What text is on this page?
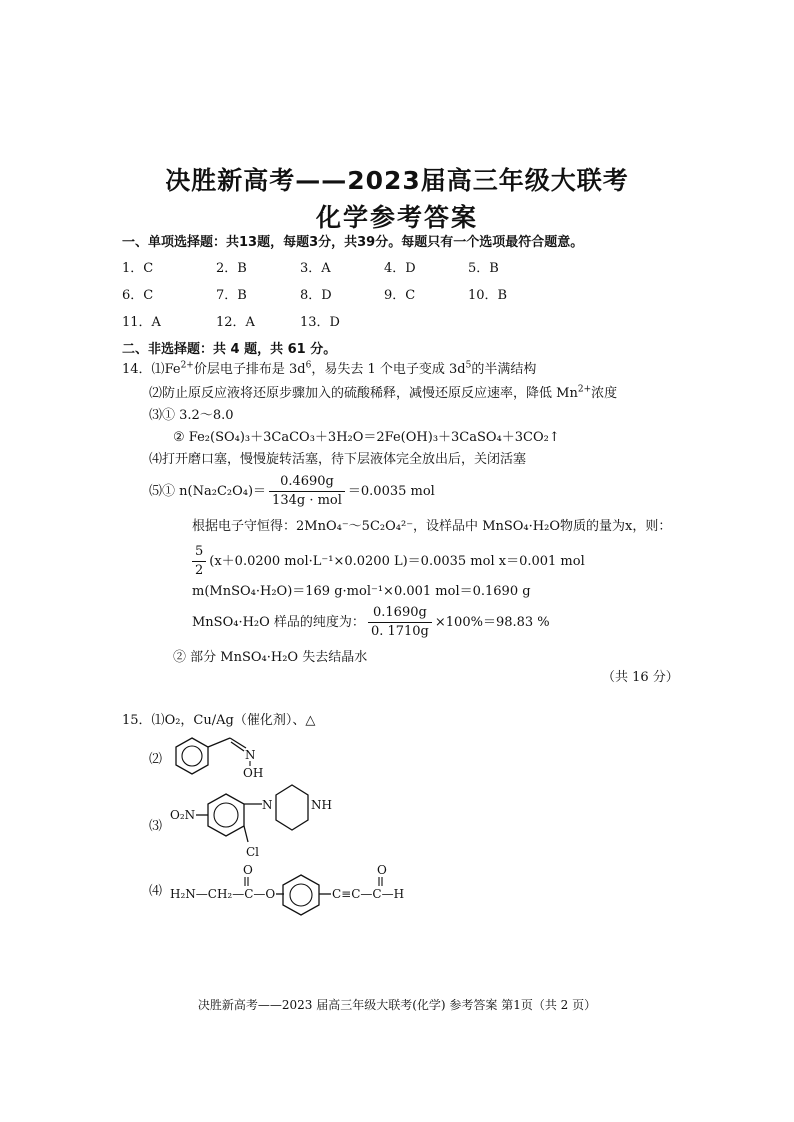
决胜新高考——2023届高三年级大联考
化学参考答案
一、单项选择题：共13题，每题3分，共39分。每题只有一个选项最符合题意。
1．C	2．B	3．A	4．D	5．B
6．C	7．B	8．D	9．C	10．B
11．A	12．A	13．D
二、非选择题：共 4 题，共 61 分。
14．$⑴Fe^{2+}$价层电子排布是 $3d^6$，易失去 1 个电子变成 $3d^5$的半满结构
⑵防止原反应液将还原步骤加入的硫酸稀释，减慢还原反应速率，降低 $Mn^{2+}$浓度
⑶① 3.2～8.0
② Fe₂(SO₄)₃＋3CaCO₃＋3H₂O＝2Fe(OH)₃＋3CaSO₄＋3CO₂↑
⑷打开磨口塞，慢慢旋转活塞，待下层液体完全放出后，关闭活塞
⑸① $n(Na_2C_2O_4)= \frac{0.4690g}{\text{134g · mol}} =0.0035$ mol
根据电子守恒得：2MnO₄⁻～5C₂O₄²⁻，设样品中 MnSO₄·H₂O物质的量为x，则：
$\frac{5}{2} (x+0.0200$ mol·L⁻¹×0.0200 L)＝0.0035 mol x＝0.001 mol
m(MnSO₄·H₂O)＝169 g·mol⁻¹×0.001 mol＝0.1690 g
MnSO₄·H₂O 样品的纯度为： $\frac{0.1690g}{0. 1710g} \times 100\%=98.83$ %
② 部分 MnSO₄·H₂O 失去结晶水
（共 16 分）
15．⑴O₂，Cu/Ag（催化剂）、△
⑵
⑶
⑷
N
OH
O₂N
N	NH
Cl
H₂N—CH₂—C—O
O
C≡C—C—H
O
决胜新高考——2023 届高三年级大联考(化学) 参考答案 第1页（共 2 页）
